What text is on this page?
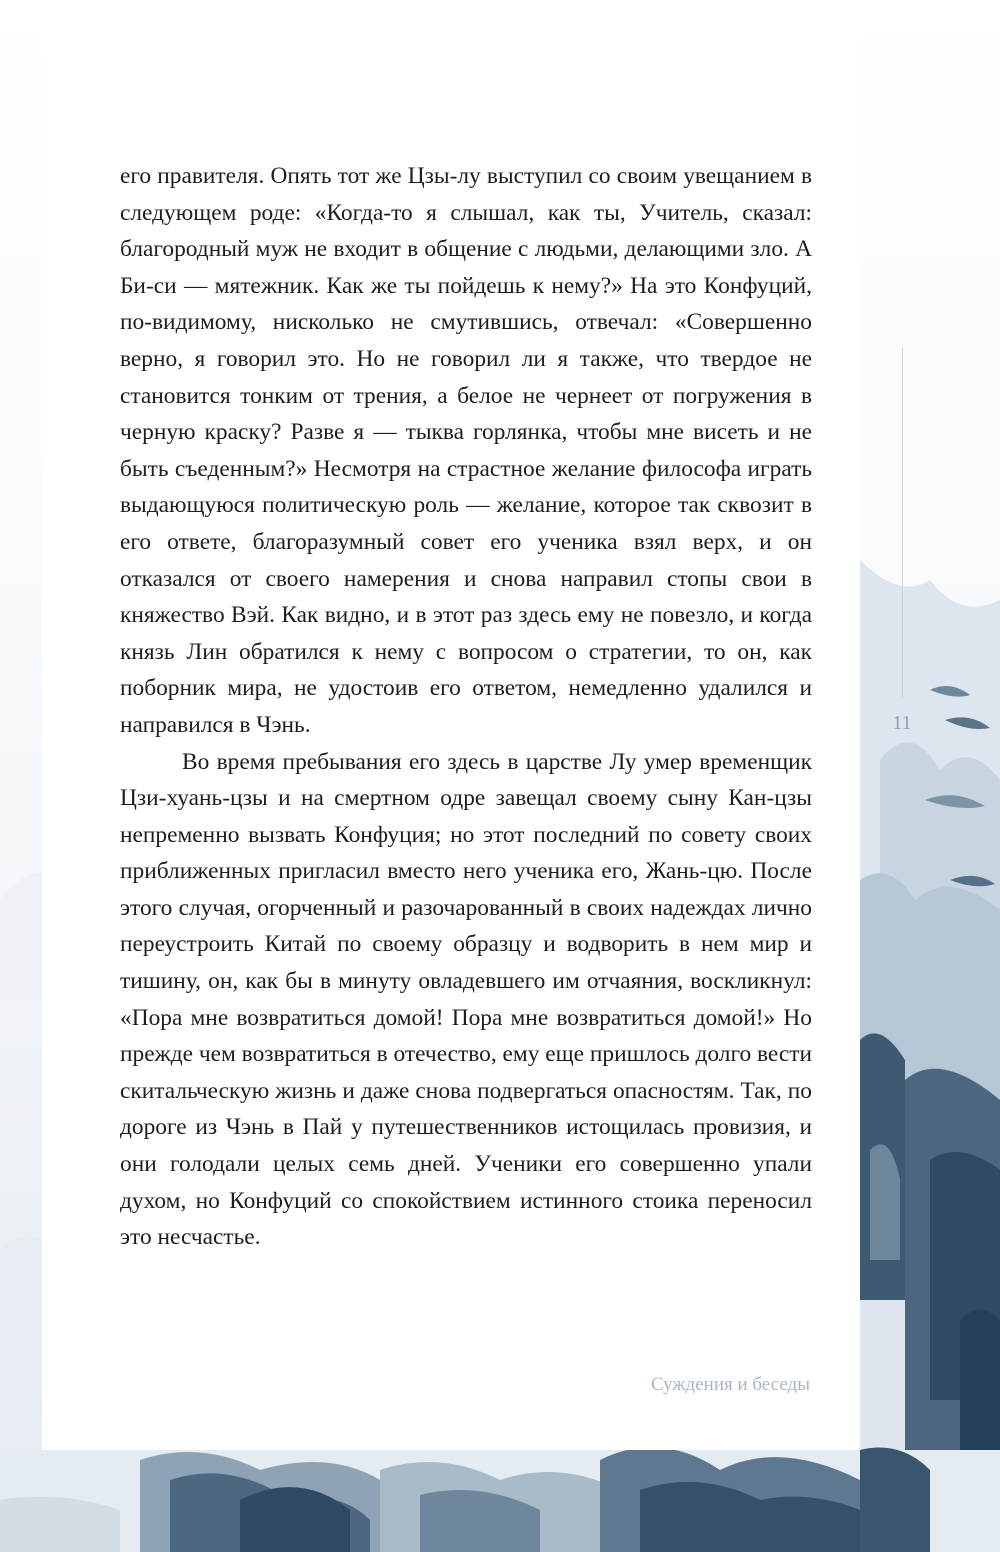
11

его правителя. Опять тот же Цзы-лу выступил со своим увещанием в следующем роде: «Когда-то я слышал, как ты, Учитель, сказал: благородный муж не входит в общение с людьми, делающими зло. А Би-си — мятежник. Как же ты пойдешь к нему?» На это Конфуций, по-видимому, нисколько не смутившись, отвечал: «Совершенно верно, я говорил это. Но не говорил ли я также, что твердое не становится тонким от трения, а белое не чернеет от погружения в черную краску? Разве я — тыква горлянка, чтобы мне висеть и не быть съеденным?» Несмотря на страстное желание философа играть выдающуюся политическую роль — желание, которое так сквозит в его ответе, благоразумный совет его ученика взял верх, и он отказался от своего намерения и снова направил стопы свои в княжество Вэй. Как видно, и в этот раз здесь ему не повезло, и когда князь Лин обратился к нему с вопросом о стратегии, то он, как поборник мира, не удостоив его ответом, немедленно удалился и направился в Чэнь.

Во время пребывания его здесь в царстве Лу умер временщик Цзи-хуань-цзы и на смертном одре завещал своему сыну Кан-цзы непременно вызвать Конфуция; но этот последний по совету своих приближенных пригласил вместо него ученика его, Жань-цю. После этого случая, огорченный и разочарованный в своих надеждах лично переустроить Китай по своему образцу и водворить в нем мир и тишину, он, как бы в минуту овладевшего им отчаяния, воскликнул: «Пора мне возвратиться домой! Пора мне возвратиться домой!» Но прежде чем возвратиться в отечество, ему еще пришлось долго вести скитальческую жизнь и даже снова подвергаться опасностям. Так, по дороге из Чэнь в Пай у путешественников истощилась провизия, и они голодали целых семь дней. Ученики его совершенно упали духом, но Конфуций со спокойствием истинного стоика переносил это несчастье.

Суждения и беседы
